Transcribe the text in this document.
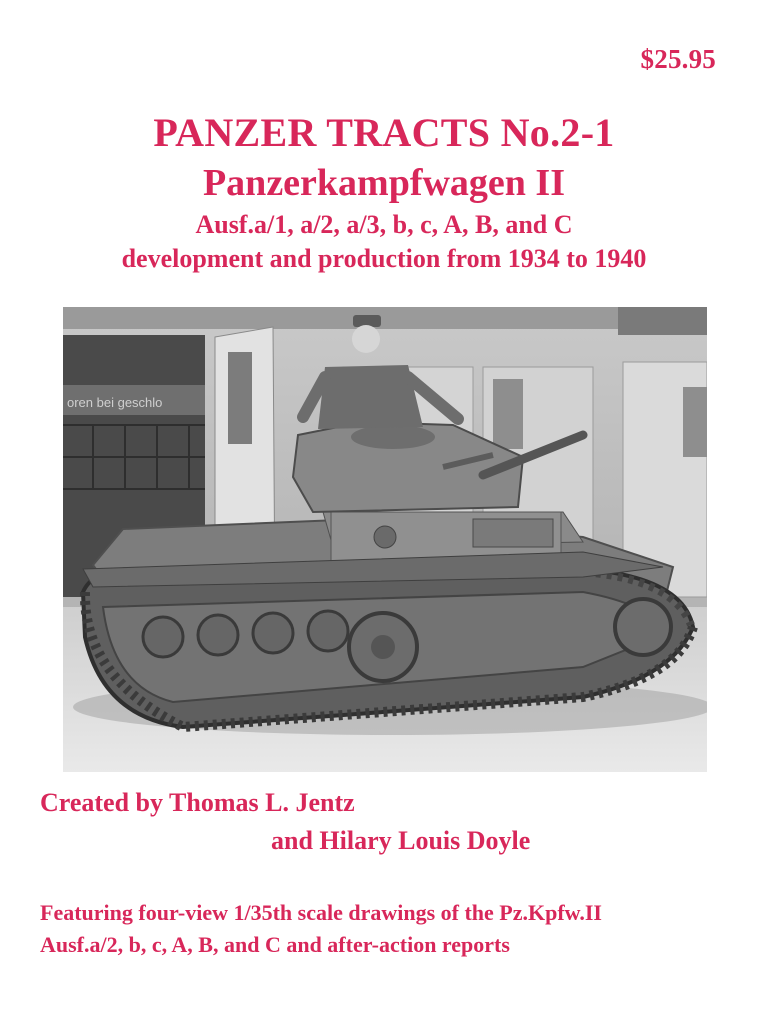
$25.95
PANZER TRACTS No.2-1
Panzerkampfwagen II
Ausf.a/1, a/2, a/3, b, c, A, B, and C
development and production from 1934 to 1940
oren bei geschlo
Created by Thomas L. Jentz
and Hilary Louis Doyle
Featuring four-view 1/35th scale drawings of the Pz.Kpfw.II
Ausf.a/2, b, c, A, B, and C and after-action reports
